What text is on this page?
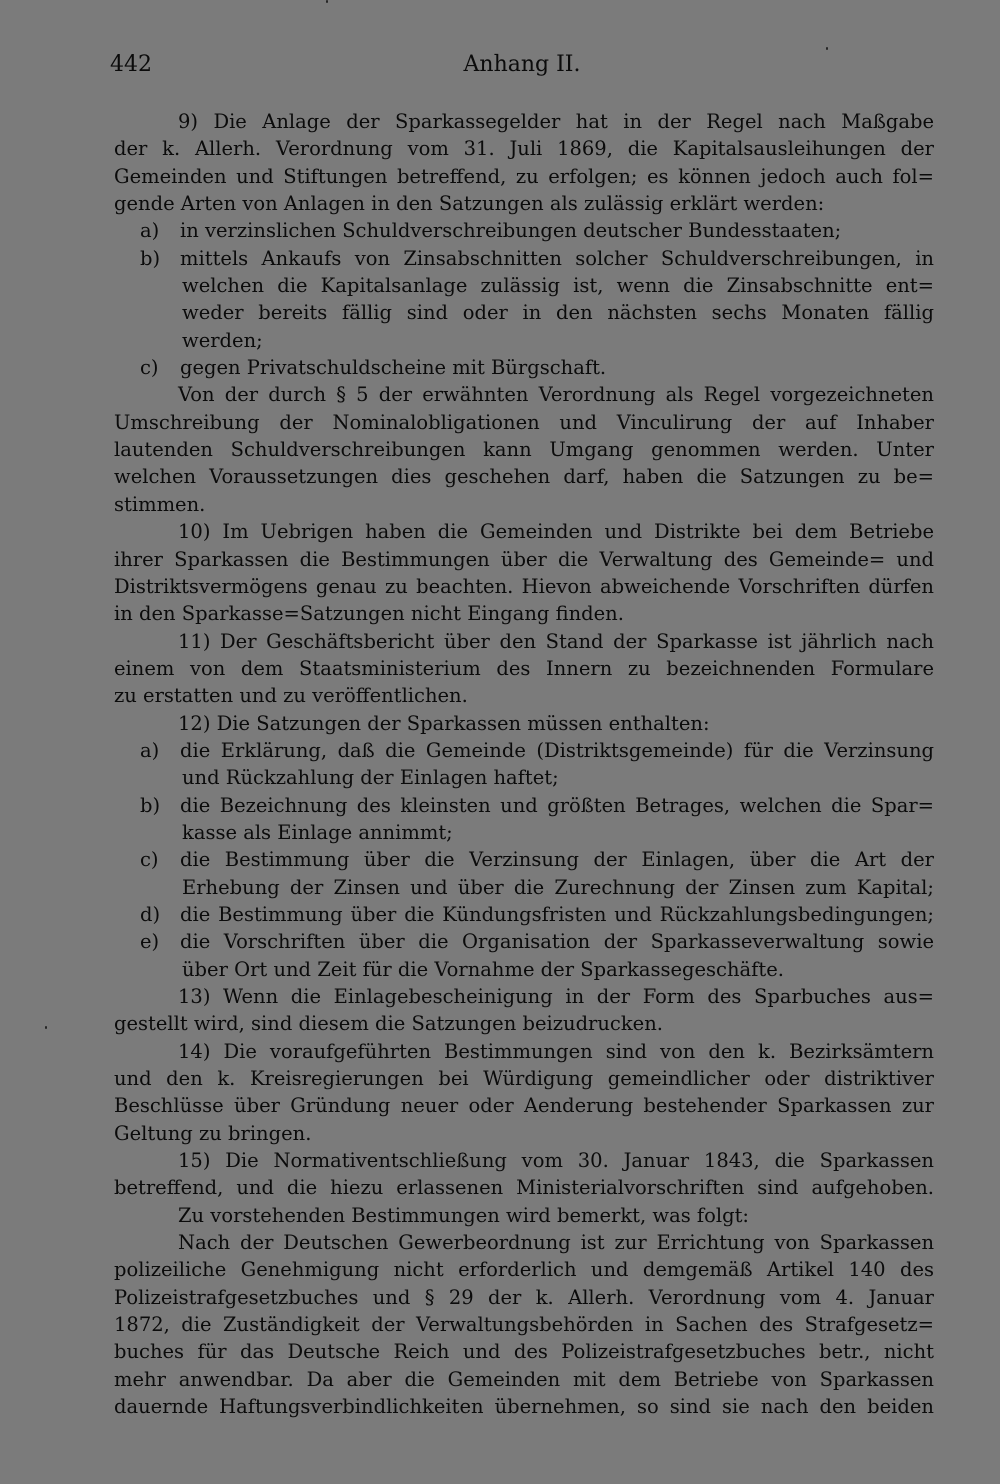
442	Anhang II.
9) Die Anlage der Sparkassegelder hat in der Regel nach Maßgabe
der k. Allerh. Verordnung vom 31. Juli 1869, die Kapitalsausleihungen der
Gemeinden und Stiftungen betreffend, zu erfolgen; es können jedoch auch fol=
gende Arten von Anlagen in den Satzungen als zulässig erklärt werden:
a)	in verzinslichen Schuldverschreibungen deutscher Bundesstaaten;
b)	mittels Ankaufs von Zinsabschnitten solcher Schuldverschreibungen, in
welchen die Kapitalsanlage zulässig ist, wenn die Zinsabschnitte ent=
weder bereits fällig sind oder in den nächsten sechs Monaten fällig
werden;
c)	gegen Privatschuldscheine mit Bürgschaft.
Von der durch § 5 der erwähnten Verordnung als Regel vorgezeichneten
Umschreibung der Nominalobligationen und Vinculirung der auf Inhaber
lautenden Schuldverschreibungen kann Umgang genommen werden. Unter
welchen Voraussetzungen dies geschehen darf, haben die Satzungen zu be=
stimmen.
10) Im Uebrigen haben die Gemeinden und Distrikte bei dem Betriebe
ihrer Sparkassen die Bestimmungen über die Verwaltung des Gemeinde= und
Distriktsvermögens genau zu beachten. Hievon abweichende Vorschriften dürfen
in den Sparkasse=Satzungen nicht Eingang finden.
11) Der Geschäftsbericht über den Stand der Sparkasse ist jährlich nach
einem von dem Staatsministerium des Innern zu bezeichnenden Formulare
zu erstatten und zu veröffentlichen.
12) Die Satzungen der Sparkassen müssen enthalten:
a)	die Erklärung, daß die Gemeinde (Distriktsgemeinde) für die Verzinsung
und Rückzahlung der Einlagen haftet;
b)	die Bezeichnung des kleinsten und größten Betrages, welchen die Spar=
kasse als Einlage annimmt;
c)	die Bestimmung über die Verzinsung der Einlagen, über die Art der
Erhebung der Zinsen und über die Zurechnung der Zinsen zum Kapital;
d)	die Bestimmung über die Kündungsfristen und Rückzahlungsbedingungen;
e)	die Vorschriften über die Organisation der Sparkasseverwaltung sowie
über Ort und Zeit für die Vornahme der Sparkassegeschäfte.
13) Wenn die Einlagebescheinigung in der Form des Sparbuches aus=
gestellt wird, sind diesem die Satzungen beizudrucken.
14) Die voraufgeführten Bestimmungen sind von den k. Bezirksämtern
und den k. Kreisregierungen bei Würdigung gemeindlicher oder distriktiver
Beschlüsse über Gründung neuer oder Aenderung bestehender Sparkassen zur
Geltung zu bringen.
15) Die Normativentschließung vom 30. Januar 1843, die Sparkassen
betreffend, und die hiezu erlassenen Ministerialvorschriften sind aufgehoben.
Zu vorstehenden Bestimmungen wird bemerkt, was folgt:
Nach der Deutschen Gewerbeordnung ist zur Errichtung von Sparkassen
polizeiliche Genehmigung nicht erforderlich und demgemäß Artikel 140 des
Polizeistrafgesetzbuches und § 29 der k. Allerh. Verordnung vom 4. Januar
1872, die Zuständigkeit der Verwaltungsbehörden in Sachen des Strafgesetz=
buches für das Deutsche Reich und des Polizeistrafgesetzbuches betr., nicht
mehr anwendbar. Da aber die Gemeinden mit dem Betriebe von Sparkassen
dauernde Haftungsverbindlichkeiten übernehmen, so sind sie nach den beiden
